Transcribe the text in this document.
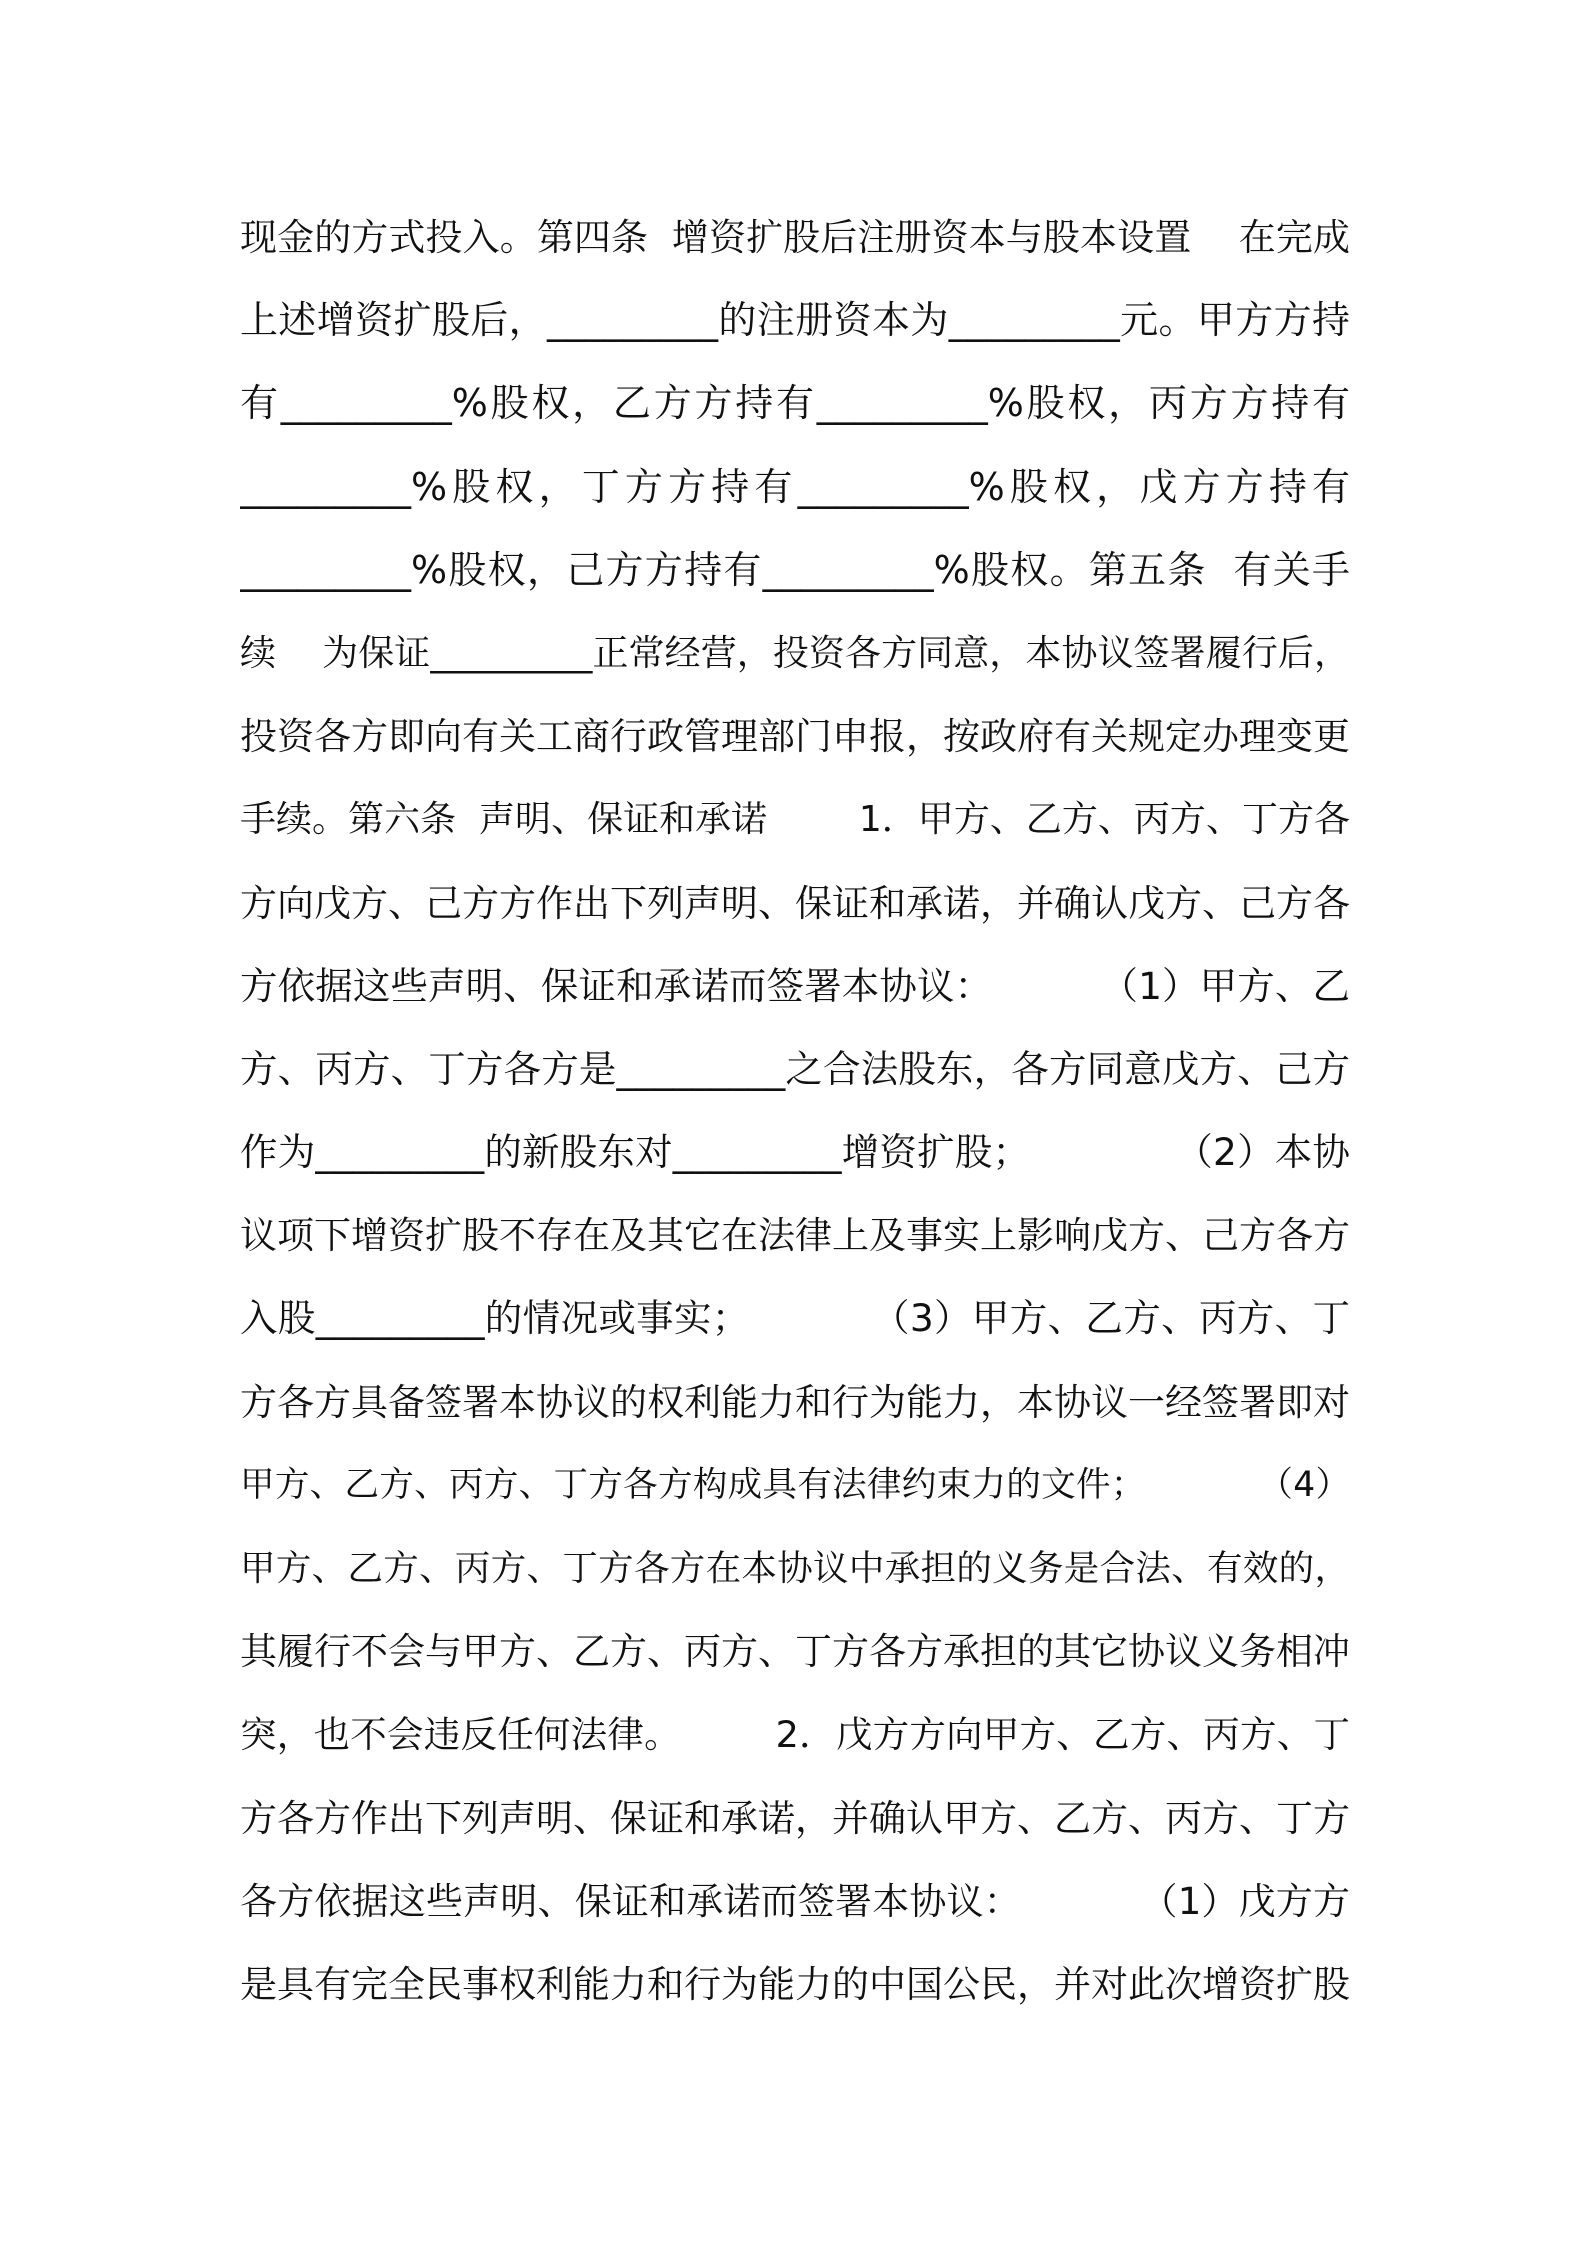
现金的方式投入。第四条  增资扩股后注册资本与股本设置    在完成
上述增资扩股后，_________的注册资本为_________元。甲方方持
有_________%股权，乙方方持有_________%股权，丙方方持有
_________%股权，丁方方持有_________%股权，戊方方持有
_________%股权，己方方持有_________%股权。第五条  有关手
续    为保证_________正常经营，投资各方同意，本协议签署履行后，
投资各方即向有关工商行政管理部门申报，按政府有关规定办理变更
手续。第六条  声明、保证和承诺        1．甲方、乙方、丙方、丁方各
方向戊方、己方方作出下列声明、保证和承诺，并确认戊方、己方各
方依据这些声明、保证和承诺而签署本协议：         （1）甲方、乙
方、丙方、丁方各方是_________之合法股东，各方同意戊方、己方
作为_________的新股东对_________增资扩股；            （2）本协
议项下增资扩股不存在及其它在法律上及事实上影响戊方、己方各方
入股_________的情况或事实；          （3）甲方、乙方、丙方、丁
方各方具备签署本协议的权利能力和行为能力，本协议一经签署即对
甲方、乙方、丙方、丁方各方构成具有法律约束力的文件；          （4）
甲方、乙方、丙方、丁方各方在本协议中承担的义务是合法、有效的，
其履行不会与甲方、乙方、丙方、丁方各方承担的其它协议义务相冲
突，也不会违反任何法律。        2．戊方方向甲方、乙方、丙方、丁
方各方作出下列声明、保证和承诺，并确认甲方、乙方、丙方、丁方
各方依据这些声明、保证和承诺而签署本协议：          （1）戊方方
是具有完全民事权利能力和行为能力的中国公民，并对此次增资扩股
